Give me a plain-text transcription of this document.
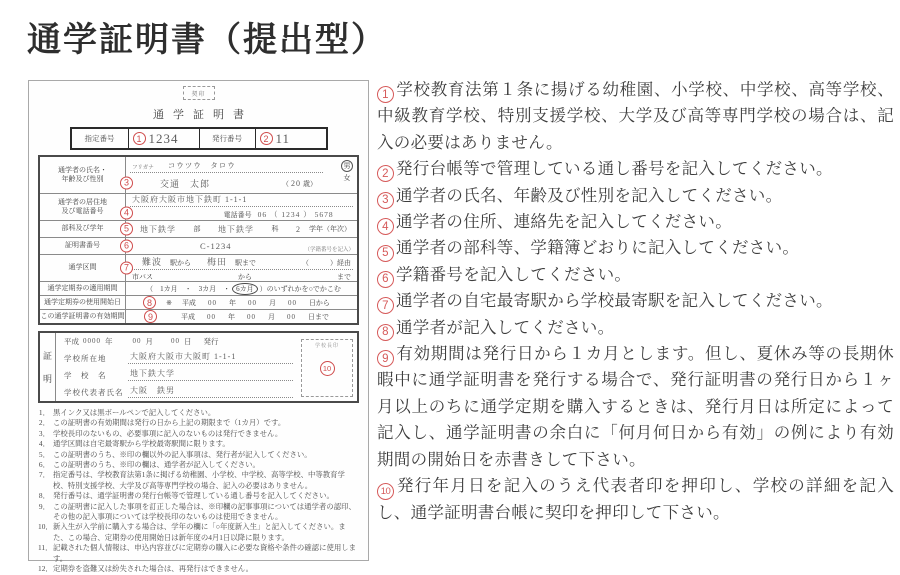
通学証明書（提出型）
契印
通学証明書
指定番号	1 1234	発行番号	2 11
通学者の氏名・
年齢及び性別	3
フリガナ コウツウ　タロウ
交通　太郎	（ 20 歳）
男
女
通学者の居住地
及び電話番号	4
大阪府大阪市地下鉄町 1-1-1
電話番号 06 （ 1234 ） 5678
部科及び学年	5	地下鉄学	部	地下鉄学	科	2 学年（年次）
証明書番号	6	C-1234	（学籍番号を記入）
通学区間	7
難波 駅から	梅田 駅まで	（　　　）経由
市バス	から	まで
通学定期券の適用期間	（　1カ月　・　3カ月　・ 6カ月 ）のいずれかを○でかこむ
通学定期券の使用開始日	8	※ 平成 00 年 00 月 00 日から
この通学証明書の有効期間	9	平成 00 年 00 月 00 日まで
証
明
平成 0000 年	00 月	00 日 発行
学校所在地	大阪府大阪市大阪町 1-1-1
学　校　名	地下鉄大学
学校代表者氏名 大阪　鉄男
学校長印
10
1． 黒インク又は黒ボールペンで記入してください。
2． この証明書の有効期間は発行の日から上記の期限まで（1カ月）です。
3． 学校長印のないもの、必要事項に記入のないものは発行できません。
4． 通学区間は自宅最寄駅から学校最寄駅間に限ります。
5． この証明書のうち、※印の欄以外の記入事項は、発行者が記入してください。
6． この証明書のうち、※印の欄は、通学者が記入してください。
7． 指定番号は、学校教育法第1条に掲げる幼稚園、小学校、中学校、高等学校、中等教育学校、特別支援学校、大学及び高等専門学校の場合、記入の必要はありません。
8． 発行番号は、通学証明書の発行台帳等で管理している通し番号を記入してください。
9． この証明書に記入した事項を訂正した場合は、※印欄の記事事項については通学者の認印、その他の記入事項については学校長印のないものは使用できません。
10． 新入生が入学前に購入する場合は、学年の欄に「○年度新入生」と記入してください。また、この場合、定期券の使用開始日は新年度の4月1日以降に限ります。
11． 記載された個人情報は、申込内容並びに定期券の購入に必要な資格や条件の確認に使用します。
12． 定期券を盗難又は紛失された場合は、再発行はできません。

1 学校教育法第１条に揚げる幼稚園、小学校、中学校、高等学校、中級教育学校、特別支援学校、大学及び高等専門学校の場合は、記入の必要はありません。

2 発行台帳等で管理している通し番号を記入してください。

3 通学者の氏名、年齢及び性別を記入してください。

4 通学者の住所、連絡先を記入してください。

5 通学者の部科等、学籍簿どおりに記入してください。

6 学籍番号を記入してください。

7 通学者の自宅最寄駅から学校最寄駅を記入してください。

8 通学者が記入してください。

9 有効期間は発行日から１カ月とします。但し、夏休み等の長期休暇中に通学証明書を発行する場合で、発行証明書の発行日から１ヶ月以上のちに通学定期を購入するときは、発行月日は所定によって記入し、通学証明書の余白に「何月何日から有効」の例により有効期間の開始日を赤書きして下さい。

10 発行年月日を記入のうえ代表者印を押印し、学校の詳細を記入し、通学証明書台帳に契印を押印して下さい。
